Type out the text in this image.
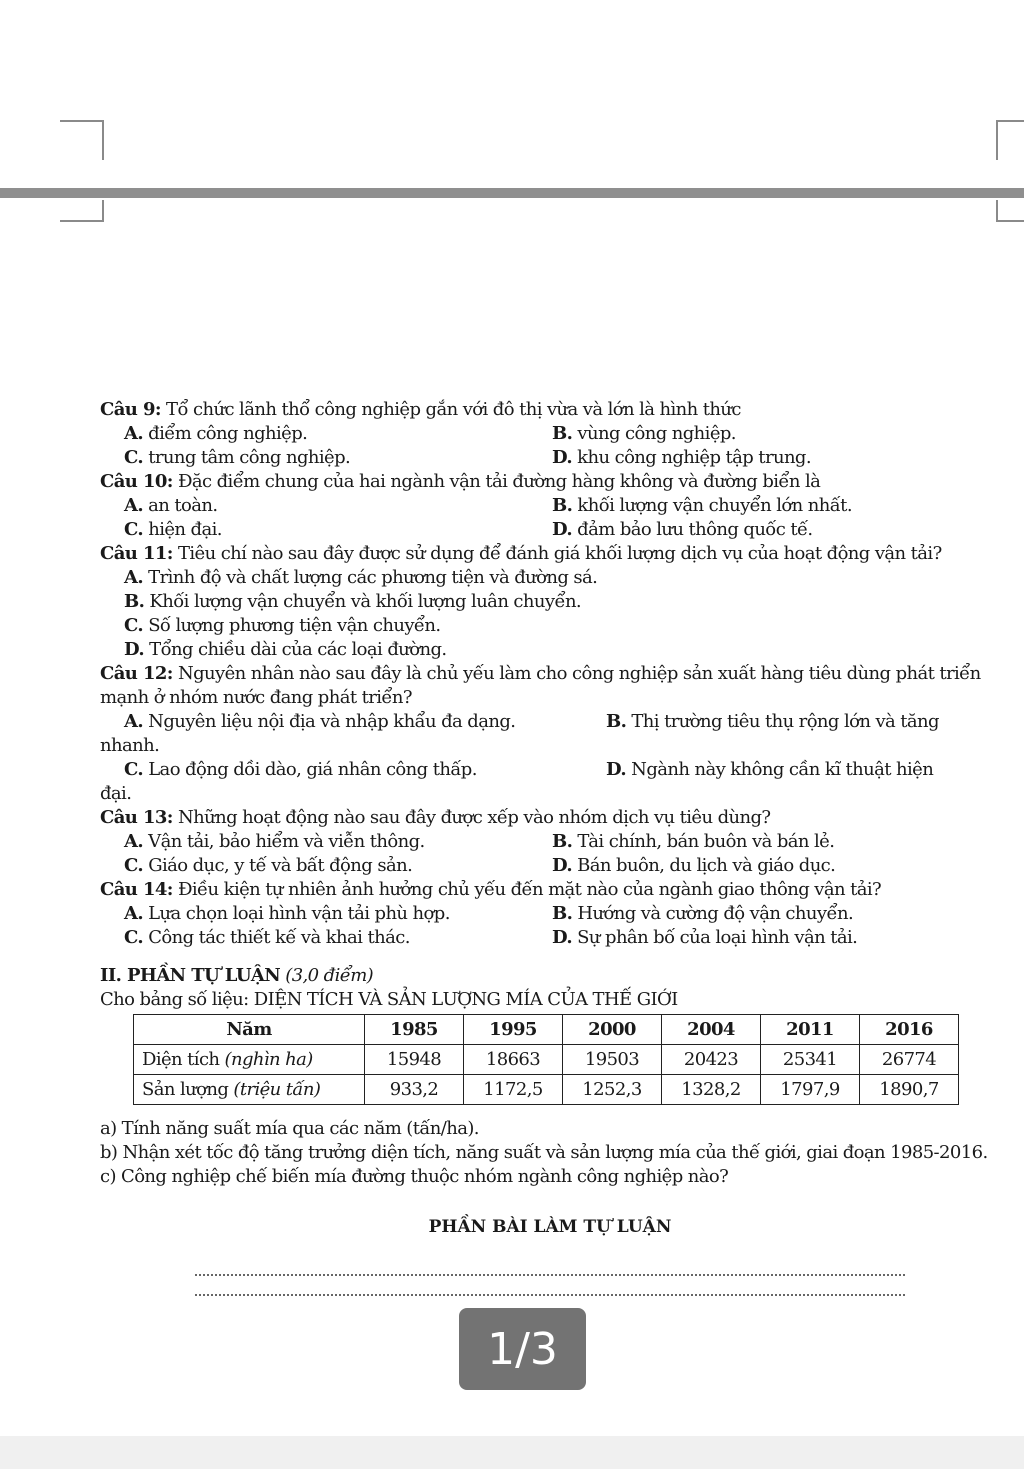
Câu 9: Tổ chức lãnh thổ công nghiệp gắn với đô thị vừa và lớn là hình thức

A. điểm công nghiệp.	B. vùng công nghiệp.

C. trung tâm công nghiệp.	D. khu công nghiệp tập trung.

Câu 10: Đặc điểm chung của hai ngành vận tải đường hàng không và đường biển là

A. an toàn.	B. khối lượng vận chuyển lớn nhất.

C. hiện đại.	D. đảm bảo lưu thông quốc tế.

Câu 11: Tiêu chí nào sau đây được sử dụng để đánh giá khối lượng dịch vụ của hoạt động vận tải?

A. Trình độ và chất lượng các phương tiện và đường sá.

B. Khối lượng vận chuyển và khối lượng luân chuyển.

C. Số lượng phương tiện vận chuyển.

D. Tổng chiều dài của các loại đường.

Câu 12: Nguyên nhân nào sau đây là chủ yếu làm cho công nghiệp sản xuất hàng tiêu dùng phát triển mạnh ở nhóm nước đang phát triển?

A. Nguyên liệu nội địa và nhập khẩu đa dạng.	B. Thị trường tiêu thụ rộng lớn và tăng

nhanh.

C. Lao động dồi dào, giá nhân công thấp.	D. Ngành này không cần kĩ thuật hiện

đại.

Câu 13: Những hoạt động nào sau đây được xếp vào nhóm dịch vụ tiêu dùng?

A. Vận tải, bảo hiểm và viễn thông.	B. Tài chính, bán buôn và bán lẻ.

C. Giáo dục, y tế và bất động sản.	D. Bán buôn, du lịch và giáo dục.

Câu 14: Điều kiện tự nhiên ảnh hưởng chủ yếu đến mặt nào của ngành giao thông vận tải?

A. Lựa chọn loại hình vận tải phù hợp.	B. Hướng và cường độ vận chuyển.

C. Công tác thiết kế và khai thác.	D. Sự phân bố của loại hình vận tải.

II. PHẦN TỰ LUẬN (3,0 điểm)

Cho bảng số liệu: DIỆN TÍCH VÀ SẢN LƯỢNG MÍA CỦA THẾ GIỚI

Năm	1985	1995	2000	2004	2011	2016
Diện tích (nghìn ha)	15948	18663	19503	20423	25341	26774
Sản lượng (triệu tấn)	933,2	1172,5	1252,3	1328,2	1797,9	1890,7

a) Tính năng suất mía qua các năm (tấn/ha).

b) Nhận xét tốc độ tăng trưởng diện tích, năng suất và sản lượng mía của thế giới, giai đoạn 1985-2016.

c) Công nghiệp chế biến mía đường thuộc nhóm ngành công nghiệp nào?

PHẦN BÀI LÀM TỰ LUẬN

1/3
